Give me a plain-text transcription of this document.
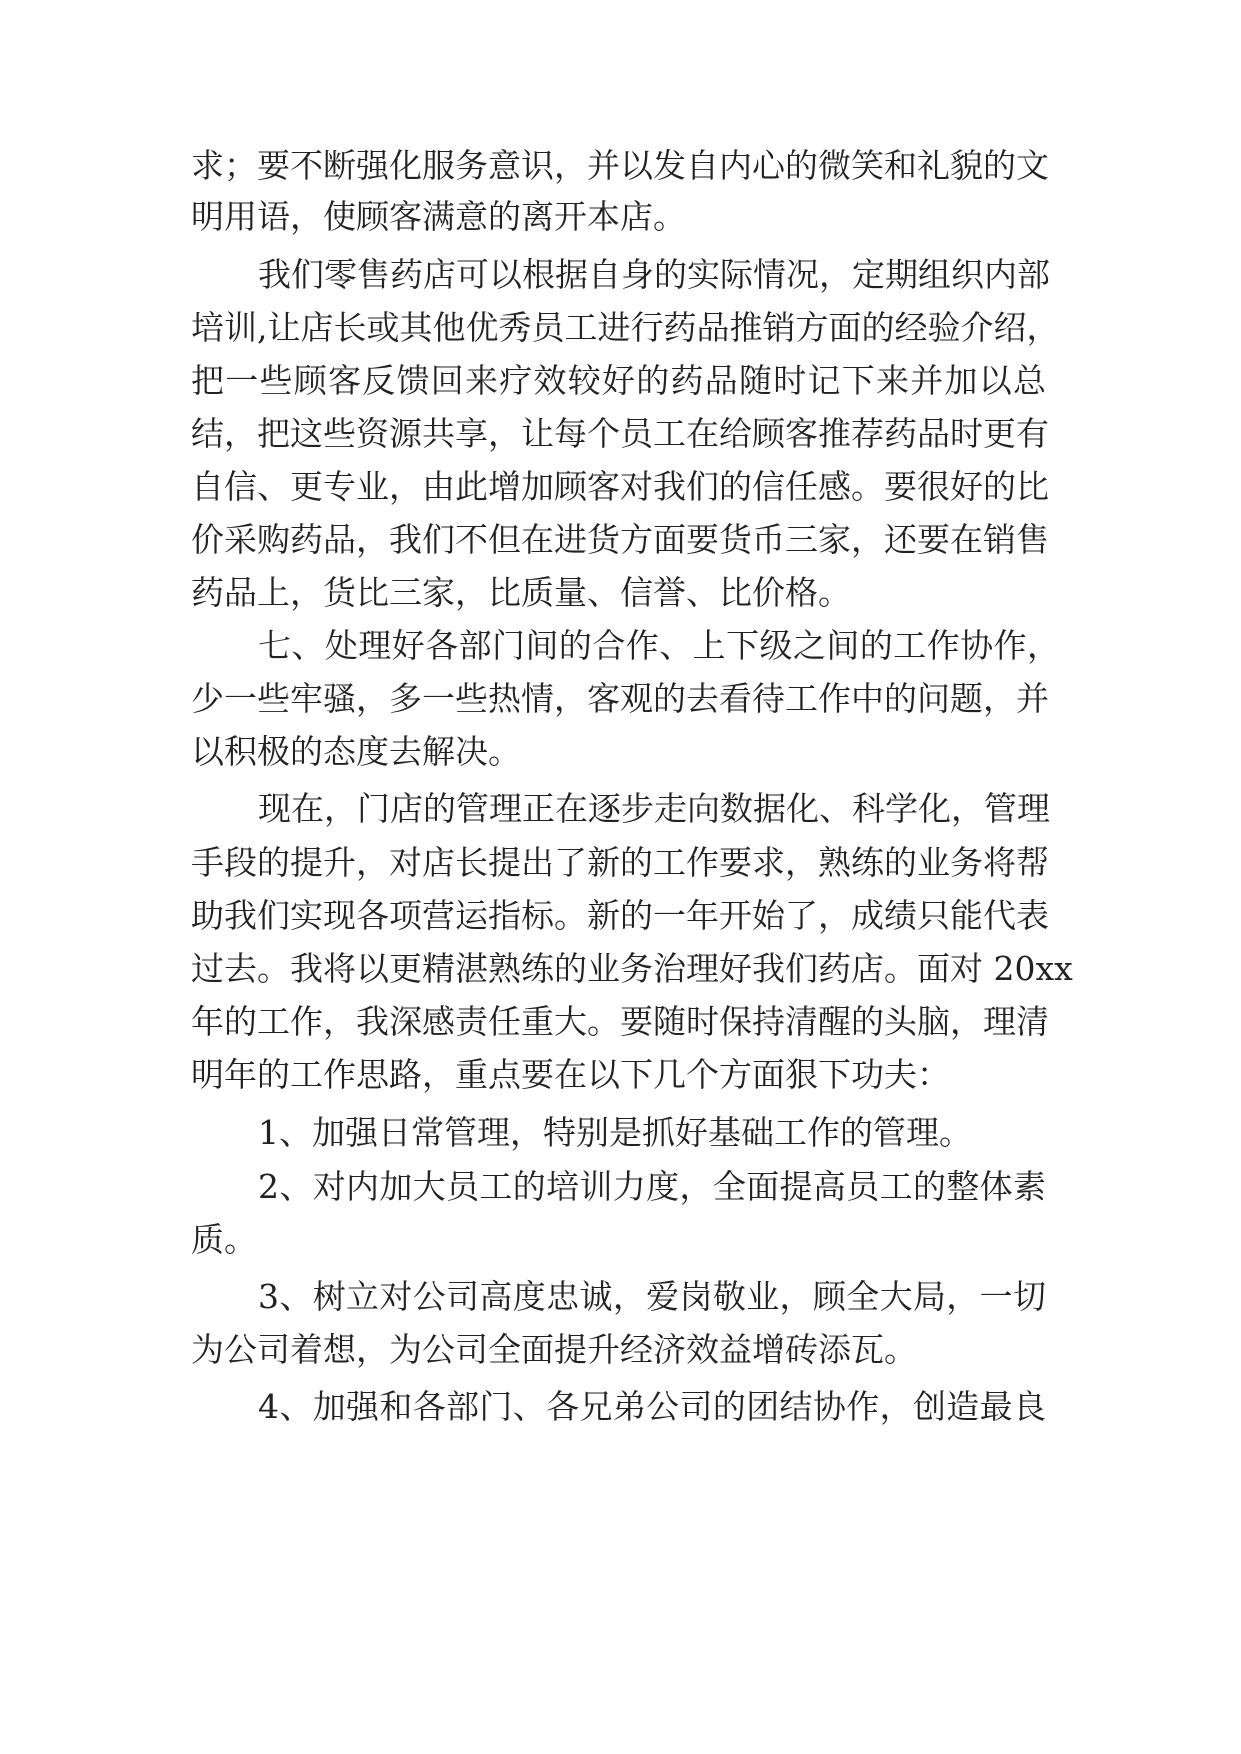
求；要不断强化服务意识，并以发自内心的微笑和礼貌的文
明用语，使顾客满意的离开本店。
我们零售药店可以根据自身的实际情况，定期组织内部
培训,让店长或其他优秀员工进行药品推销方面的经验介绍，
把一些顾客反馈回来疗效较好的药品随时记下来并加以总
结，把这些资源共享，让每个员工在给顾客推荐药品时更有
自信、更专业，由此增加顾客对我们的信任感。要很好的比
价采购药品，我们不但在进货方面要货币三家，还要在销售
药品上，货比三家，比质量、信誉、比价格。
七、处理好各部门间的合作、上下级之间的工作协作，
少一些牢骚，多一些热情，客观的去看待工作中的问题，并
以积极的态度去解决。
现在，门店的管理正在逐步走向数据化、科学化，管理
手段的提升，对店长提出了新的工作要求，熟练的业务将帮
助我们实现各项营运指标。新的一年开始了，成绩只能代表
过去。我将以更精湛熟练的业务治理好我们药店。面对 20xx
年的工作，我深感责任重大。要随时保持清醒的头脑，理清
明年的工作思路，重点要在以下几个方面狠下功夫：
1、加强日常管理，特别是抓好基础工作的管理。
2、对内加大员工的培训力度，全面提高员工的整体素
质。
3、树立对公司高度忠诚，爱岗敬业，顾全大局，一切
为公司着想，为公司全面提升经济效益增砖添瓦。
4、加强和各部门、各兄弟公司的团结协作，创造最良
